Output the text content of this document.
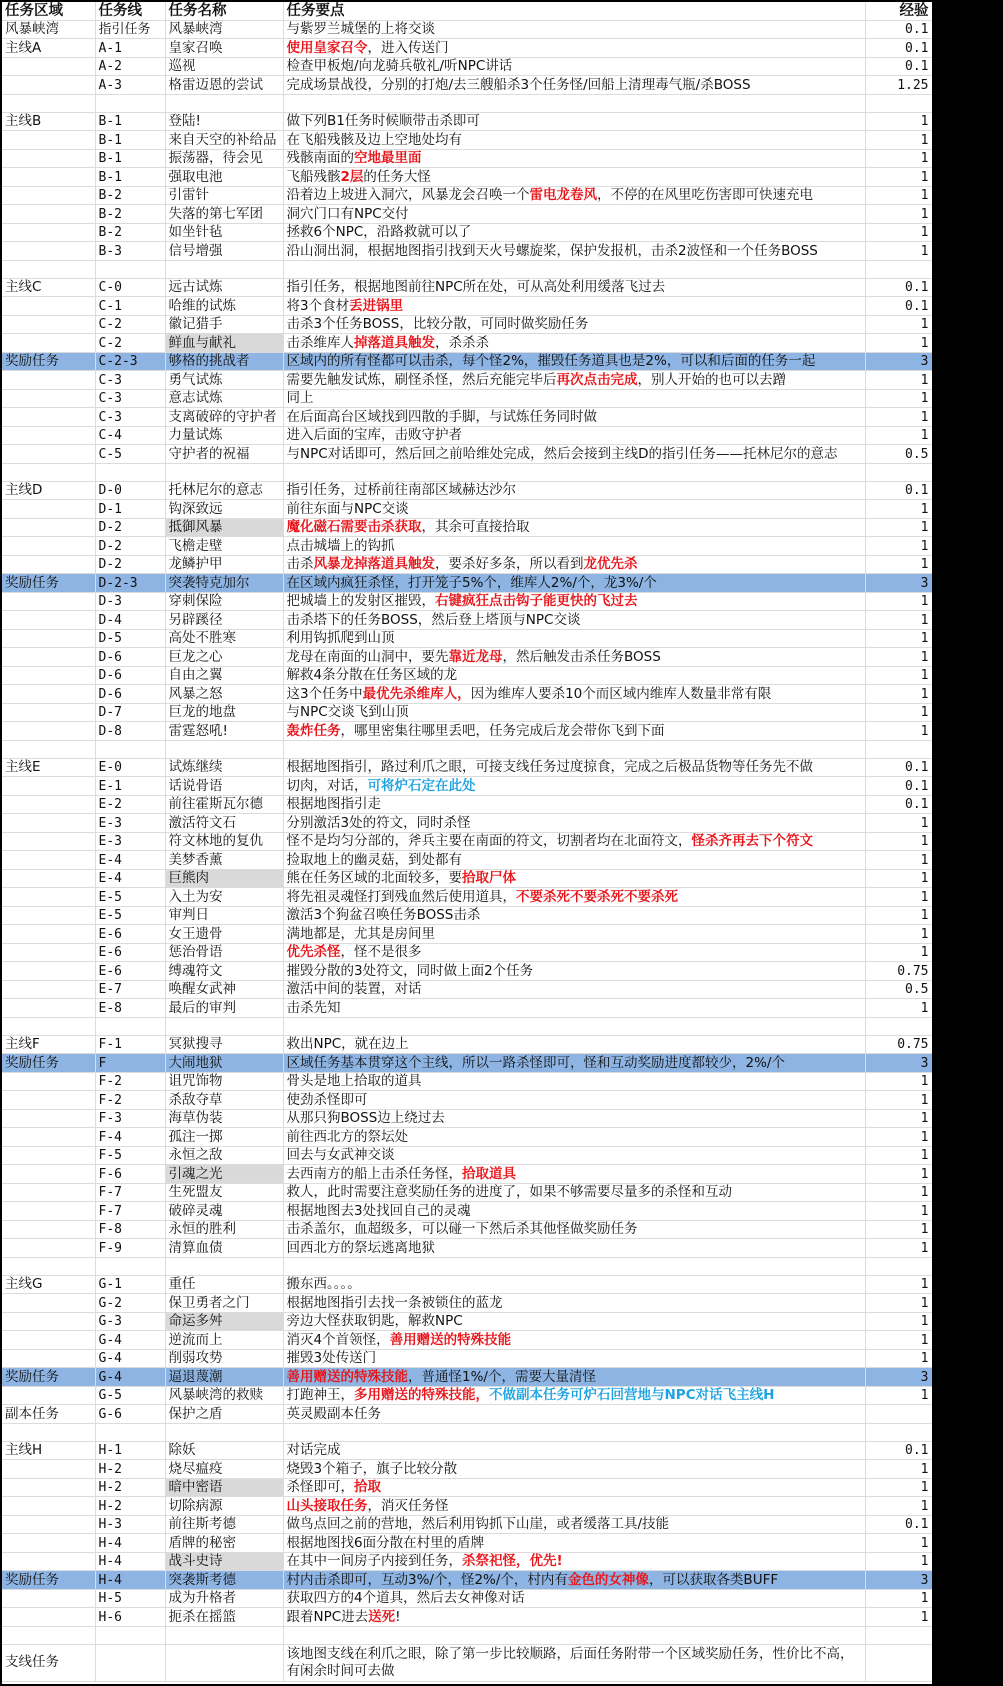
任务区域	任务线	任务名称	任务要点	经验
风暴峡湾	指引任务	风暴峡湾	与紫罗兰城堡的上将交谈	0.1
主线A	A-1	皇家召唤	使用皇家召令，进入传送门	0.1
	A-2	巡视	检查甲板炮/向龙骑兵敬礼/听NPC讲话	0.1
	A-3	格雷迈恩的尝试	完成场景战役，分别的打炮/去三艘船杀3个任务怪/回船上清理毒气瓶/杀BOSS	1.25

主线B	B-1	登陆!	做下列B1任务时候顺带击杀即可	1
	B-1	来自天空的补给品	在飞船残骸及边上空地处均有	1
	B-1	振荡器，待会见	残骸南面的空地最里面	1
	B-1	强取电池	飞船残骸2层的任务大怪	1
	B-2	引雷针	沿着边上坡进入洞穴，风暴龙会召唤一个雷电龙卷风，不停的在风里吃伤害即可快速充电	1
	B-2	失落的第七军团	洞穴门口有NPC交付	1
	B-2	如坐针毡	拯救6个NPC，沿路救就可以了	1
	B-3	信号增强	沿山洞出洞，根据地图指引找到天火号螺旋桨，保护发报机，击杀2波怪和一个任务BOSS	1

主线C	C-0	远古试炼	指引任务，根据地图前往NPC所在处，可从高处利用缓落飞过去	0.1
	C-1	哈维的试炼	将3个食材丢进锅里	0.1
	C-2	徽记猎手	击杀3个任务BOSS，比较分散，可同时做奖励任务	1
	C-2	鲜血与献礼	击杀维库人掉落道具触发，杀杀杀	1
奖励任务	C-2-3	够格的挑战者	区域内的所有怪都可以击杀，每个怪2%，摧毁任务道具也是2%，可以和后面的任务一起	3
	C-3	勇气试炼	需要先触发试炼，刷怪杀怪，然后充能完毕后再次点击完成，别人开始的也可以去蹭	1
	C-3	意志试炼	同上	1
	C-3	支离破碎的守护者	在后面高台区域找到四散的手脚，与试炼任务同时做	1
	C-4	力量试炼	进入后面的宝库，击败守护者	1
	C-5	守护者的祝福	与NPC对话即可，然后回之前哈维处完成，然后会接到主线D的指引任务——托林尼尔的意志	0.5

主线D	D-0	托林尼尔的意志	指引任务，过桥前往南部区域赫达沙尔	0.1
	D-1	钩深致远	前往东面与NPC交谈	1
	D-2	抵御风暴	魔化磁石需要击杀获取，其余可直接拾取	1
	D-2	飞檐走壁	点击城墙上的钩抓	1
	D-2	龙鳞护甲	击杀风暴龙掉落道具触发，要杀好多条，所以看到龙优先杀	1
奖励任务	D-2-3	突袭特克加尔	在区域内疯狂杀怪，打开笼子5%个，维库人2%/个，龙3%/个	3
	D-3	穿刺保险	把城墙上的发射区摧毁，右键疯狂点击钩子能更快的飞过去	1
	D-4	另辟蹊径	击杀塔下的任务BOSS，然后登上塔顶与NPC交谈	1
	D-5	高处不胜寒	利用钩抓爬到山顶	1
	D-6	巨龙之心	龙母在南面的山洞中，要先靠近龙母，然后触发击杀任务BOSS	1
	D-6	自由之翼	解救4条分散在任务区域的龙	1
	D-6	风暴之怒	这3个任务中最优先杀维库人，因为维库人要杀10个而区域内维库人数量非常有限	1
	D-7	巨龙的地盘	与NPC交谈飞到山顶	1
	D-8	雷霆怒吼!	轰炸任务，哪里密集往哪里丢吧，任务完成后龙会带你飞到下面	1

主线E	E-0	试炼继续	根据地图指引，路过利爪之眼，可接支线任务过度掠食，完成之后极品货物等任务先不做	0.1
	E-1	话说骨语	切肉，对话，可将炉石定在此处	0.1
	E-2	前往霍斯瓦尔德	根据地图指引走	0.1
	E-3	激活符文石	分别激活3处的符文，同时杀怪	1
	E-3	符文林地的复仇	怪不是均匀分部的，斧兵主要在南面的符文，切割者均在北面符文，怪杀齐再去下个符文	1
	E-4	美梦香薰	捡取地上的幽灵菇，到处都有	1
	E-4	巨熊肉	熊在任务区域的北面较多，要拾取尸体	1
	E-5	入土为安	将先祖灵魂怪打到残血然后使用道具，不要杀死不要杀死不要杀死	1
	E-5	审判日	激活3个狗盆召唤任务BOSS击杀	1
	E-6	女王遗骨	满地都是，尤其是房间里	1
	E-6	惩治骨语	优先杀怪，怪不是很多	1
	E-6	缚魂符文	摧毁分散的3处符文，同时做上面2个任务	0.75
	E-7	唤醒女武神	激活中间的装置，对话	0.5
	E-8	最后的审判	击杀先知	1

主线F	F-1	冥狱搜寻	救出NPC，就在边上	0.75
奖励任务	F	大闹地狱	区域任务基本贯穿这个主线，所以一路杀怪即可，怪和互动奖励进度都较少，2%/个	3
	F-2	诅咒饰物	骨头是地上拾取的道具	1
	F-2	杀敌夺草	使劲杀怪即可	1
	F-3	海草伪装	从那只狗BOSS边上绕过去	1
	F-4	孤注一掷	前往西北方的祭坛处	1
	F-5	永恒之敌	回去与女武神交谈	1
	F-6	引魂之光	去西南方的船上击杀任务怪，拾取道具	1
	F-7	生死盟友	救人，此时需要注意奖励任务的进度了，如果不够需要尽量多的杀怪和互动	1
	F-7	破碎灵魂	根据地图去3处找回自己的灵魂	1
	F-8	永恒的胜利	击杀盖尔，血超级多，可以碰一下然后杀其他怪做奖励任务	1
	F-9	清算血债	回西北方的祭坛逃离地狱	1

主线G	G-1	重任	搬东西。。。。	1
	G-2	保卫勇者之门	根据地图指引去找一条被锁住的蓝龙	1
	G-3	命运多舛	旁边大怪获取钥匙，解救NPC	1
	G-4	逆流而上	消灭4个首领怪，善用赠送的特殊技能	1
	G-4	削弱攻势	摧毁3处传送门	1
奖励任务	G-4	逼退蔑潮	善用赠送的特殊技能，普通怪1%/个，需要大量清怪	3
	G-5	风暴峡湾的救赎	打跑神王，多用赠送的特殊技能，不做副本任务可炉石回营地与NPC对话飞主线H	1
副本任务	G-6	保护之盾	英灵殿副本任务	

主线H	H-1	除妖	对话完成	0.1
	H-2	烧尽瘟疫	烧毁3个箱子，旗子比较分散	1
	H-2	暗中密语	杀怪即可，拾取	1
	H-2	切除病源	山头接取任务，消灭任务怪	1
	H-3	前往斯考德	做鸟点回之前的营地，然后利用钩抓下山崖，或者缓落工具/技能	0.1
	H-4	盾牌的秘密	根据地图找6面分散在村里的盾牌	1
	H-4	战斗史诗	在其中一间房子内接到任务，杀祭祀怪，优先!	1
奖励任务	H-4	突袭斯考德	村内击杀即可，互动3%/个，怪2%/个，村内有金色的女神像，可以获取各类BUFF	3
	H-5	成为升格者	获取四方的4个道具，然后去女神像对话	1
	H-6	扼杀在摇篮	跟着NPC进去送死!	1

支线任务			该地图支线在利爪之眼，除了第一步比较顺路，后面任务附带一个区域奖励任务，性价比不高，有闲余时间可去做	
